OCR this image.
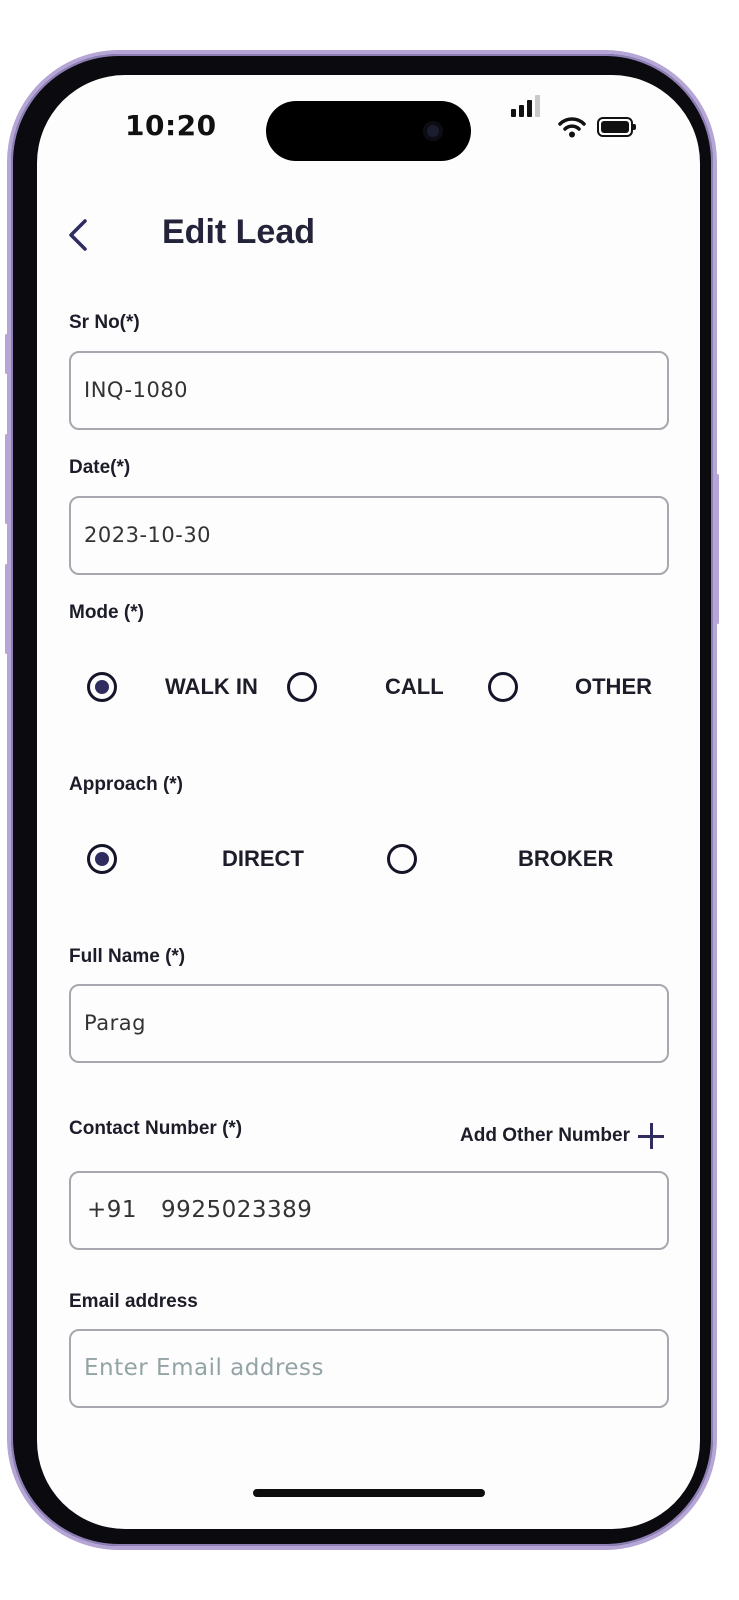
10:20
Edit Lead
Sr No(*)
INQ-1080
Date(*)
2023-10-30
Mode (*)
WALK IN	CALL	OTHER
Approach (*)
DIRECT	BROKER
Full Name (*)
Parag
Contact Number (*)	Add Other Number
+91 9925023389
Email address
Enter Email address
